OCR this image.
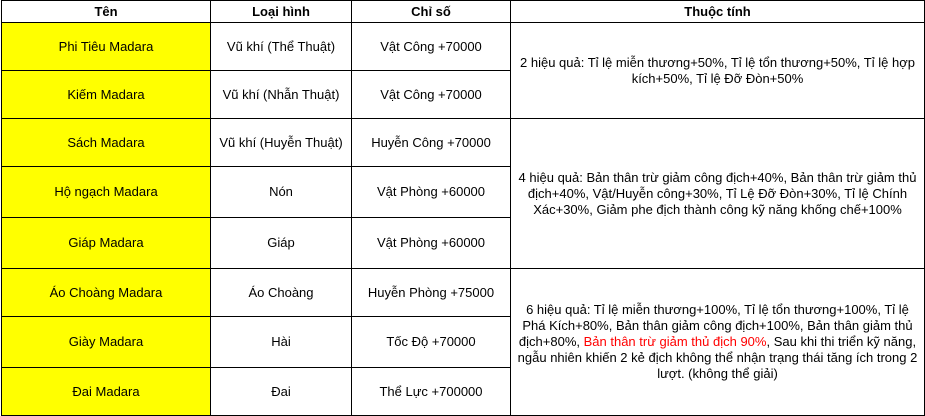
Tên	Loại hình	Chỉ số	Thuộc tính
Phi Tiêu Madara	Vũ khí (Thể Thuật)	Vật Công +70000	2 hiệu quả: Tỉ lệ miễn thương+50%, Tỉ lệ tổn thương+50%, Tỉ lệ hợp kích+50%, Tỉ lệ Đỡ Đòn+50%
Kiếm Madara	Vũ khí (Nhẫn Thuật)	Vật Công +70000	
Sách Madara	Vũ khí (Huyễn Thuật)	Huyễn Công +70000	4 hiệu quả: Bản thân trừ giảm công địch+40%, Bản thân trừ giảm thủ địch+40%, Vật/Huyễn công+30%, Tỉ Lệ Đỡ Đòn+30%, Tỉ lệ Chính Xác+30%, Giảm phe địch thành công kỹ năng khống chế+100%
Hộ ngạch Madara	Nón	Vật Phòng +60000	
Giáp Madara	Giáp	Vật Phòng +60000	
Áo Choàng Madara	Áo Choàng	Huyễn Phòng +75000	6 hiệu quả: Tỉ lệ miễn thương+100%, Tỉ lệ tổn thương+100%, Tỉ lệ Phá Kích+80%, Bản thân giảm công địch+100%, Bản thân giảm thủ địch+80%, Bản thân trừ giảm thủ địch 90%, Sau khi thi triển kỹ năng, ngẫu nhiên khiến 2 kẻ địch không thể nhận trạng thái tăng ích trong 2 lượt. (không thể giải)
Giày Madara	Hài	Tốc Độ +70000	
Đai Madara	Đai	Thể Lực +700000	
